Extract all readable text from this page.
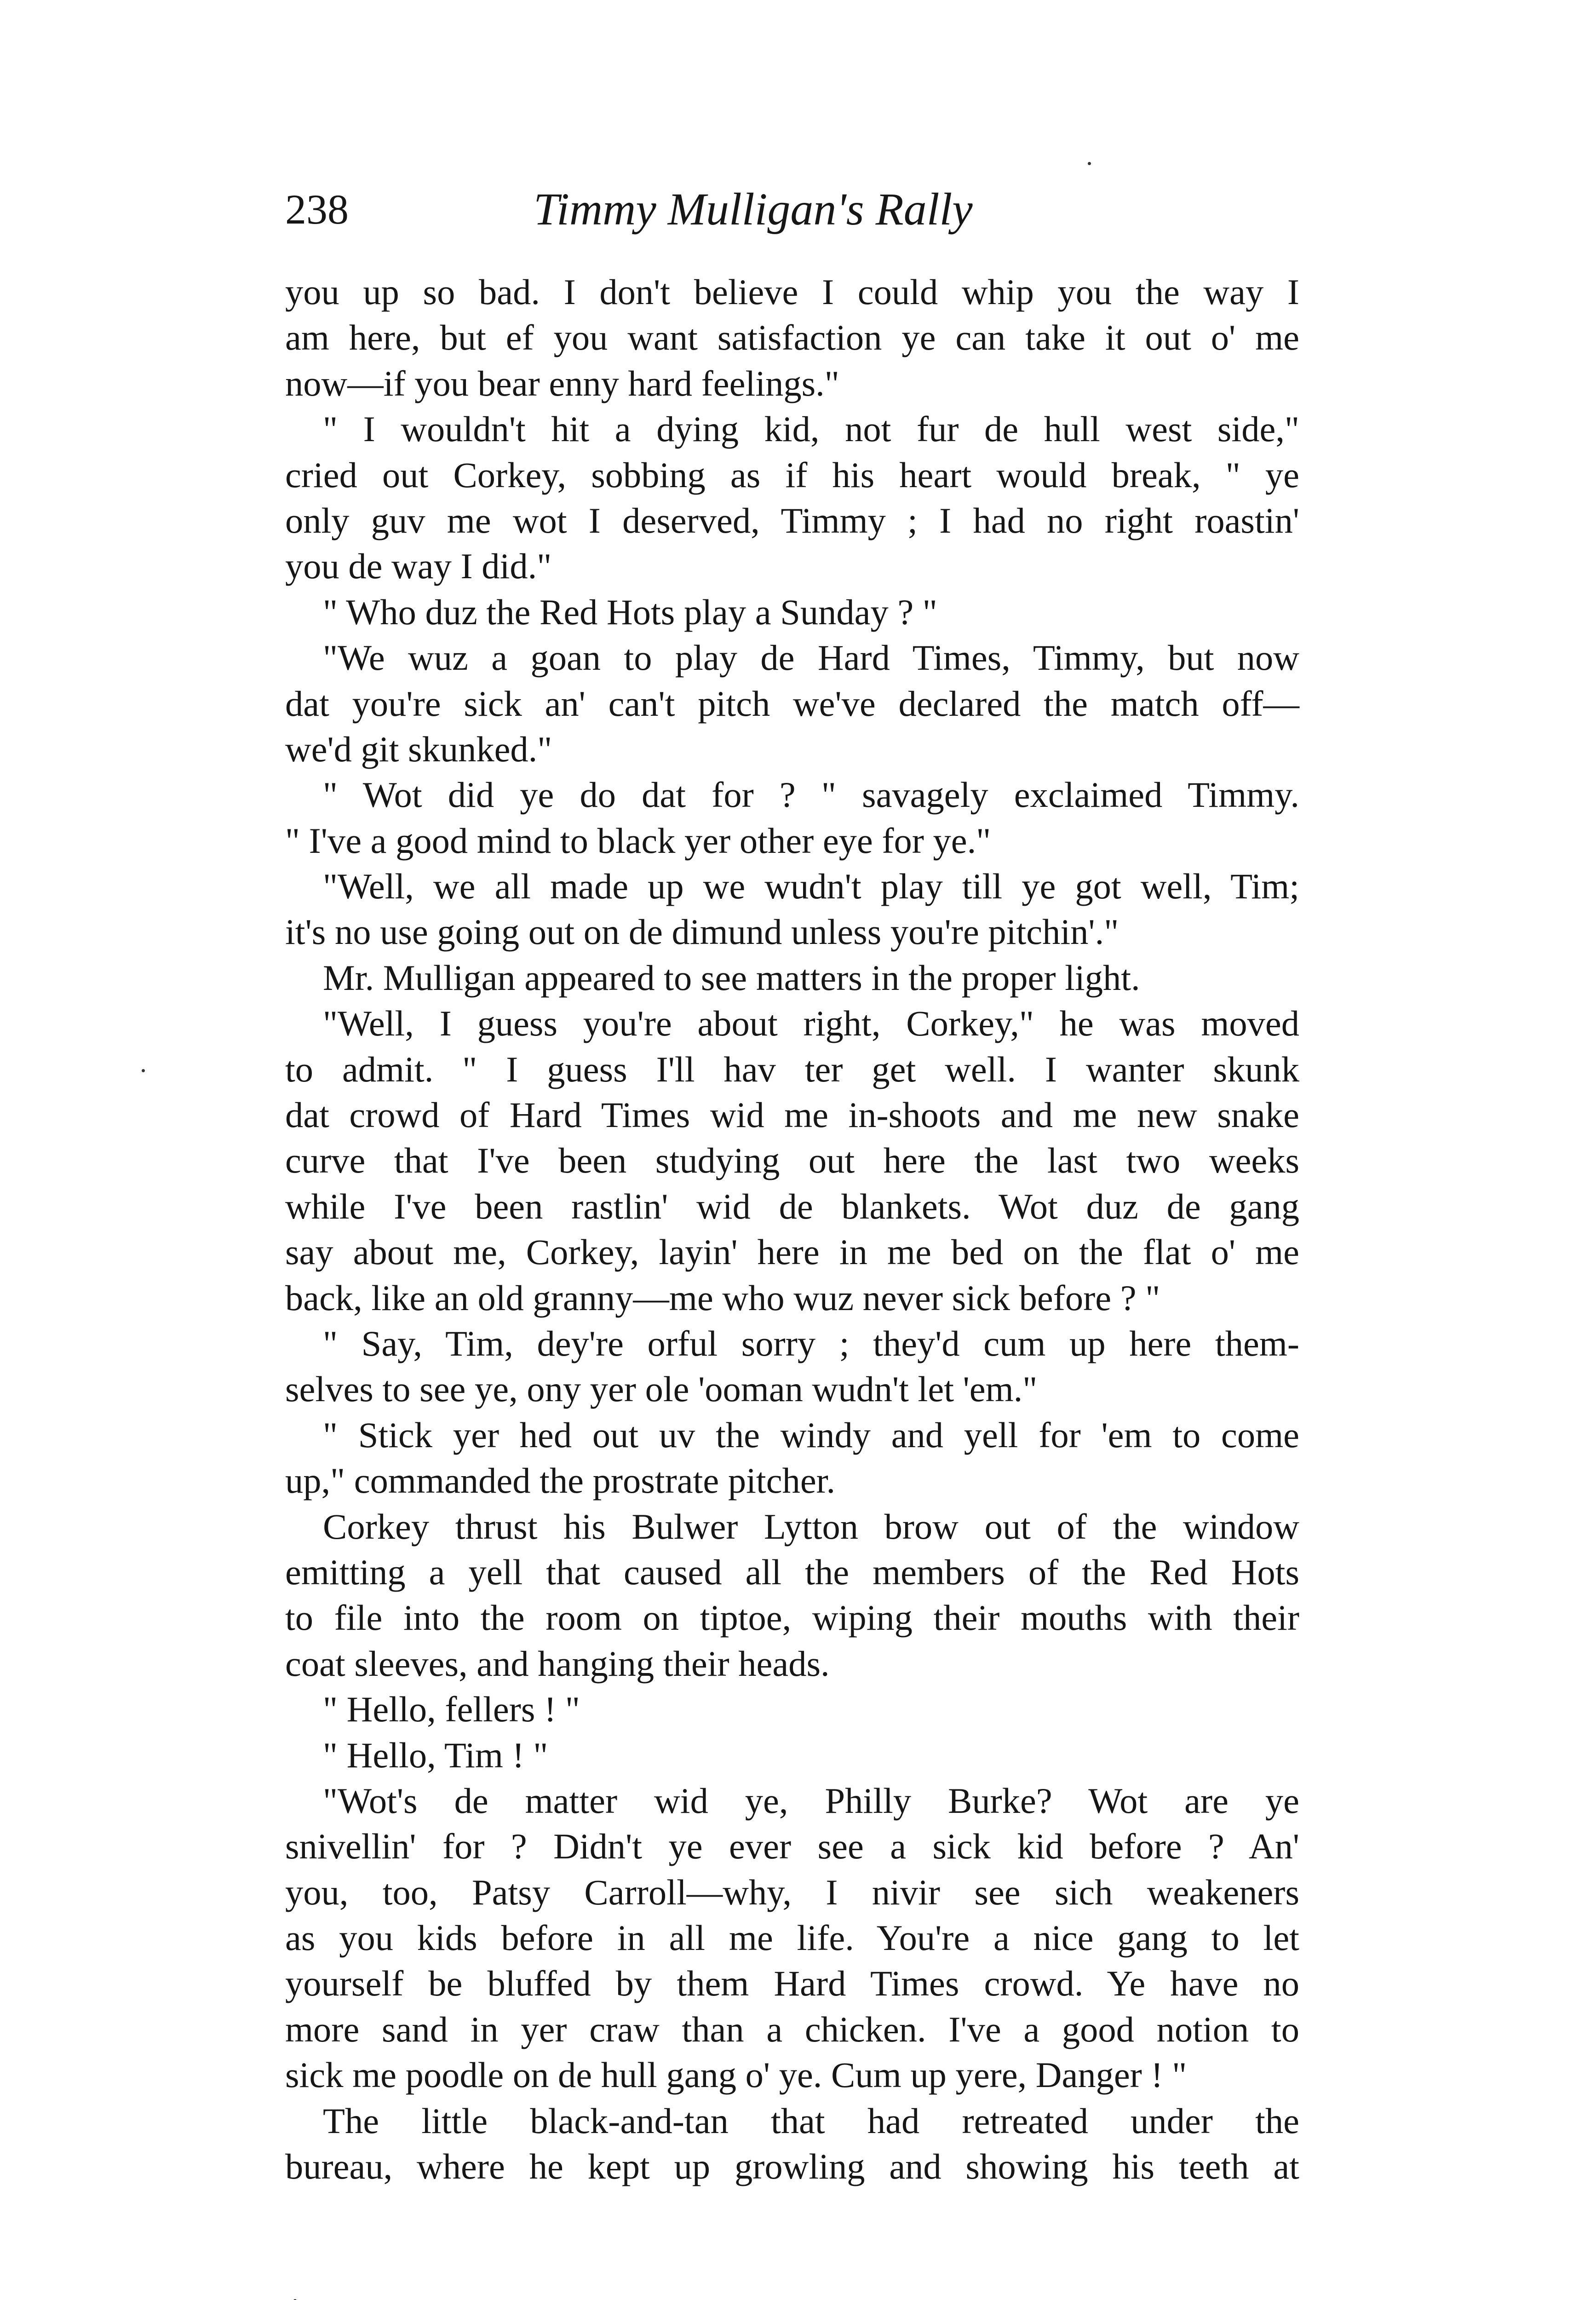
238	Timmy Mulligan's Rally
you up so bad. I don't believe I could whip you the way I
am here, but ef you want satisfaction ye can take it out o' me
now—if you bear enny hard feelings."
" I wouldn't hit a dying kid, not fur de hull west side,"
cried out Corkey, sobbing as if his heart would break, " ye
only guv me wot I deserved, Timmy ; I had no right roastin'
you de way I did."
" Who duz the Red Hots play a Sunday ? "
"We wuz a goan to play de Hard Times, Timmy, but now
dat you're sick an' can't pitch we've declared the match off—
we'd git skunked."
" Wot did ye do dat for ? " savagely exclaimed Timmy.
" I've a good mind to black yer other eye for ye."
"Well, we all made up we wudn't play till ye got well, Tim;
it's no use going out on de dimund unless you're pitchin'."
Mr. Mulligan appeared to see matters in the proper light.
"Well, I guess you're about right, Corkey," he was moved
to admit. " I guess I'll hav ter get well. I wanter skunk
dat crowd of Hard Times wid me in-shoots and me new snake
curve that I've been studying out here the last two weeks
while I've been rastlin' wid de blankets. Wot duz de gang
say about me, Corkey, layin' here in me bed on the flat o' me
back, like an old granny—me who wuz never sick before ? "
" Say, Tim, dey're orful sorry ; they'd cum up here them-
selves to see ye, ony yer ole 'ooman wudn't let 'em."
" Stick yer hed out uv the windy and yell for 'em to come
up," commanded the prostrate pitcher.
Corkey thrust his Bulwer Lytton brow out of the window
emitting a yell that caused all the members of the Red Hots
to file into the room on tiptoe, wiping their mouths with their
coat sleeves, and hanging their heads.
" Hello, fellers ! "
" Hello, Tim ! "
"Wot's de matter wid ye, Philly Burke? Wot are ye
snivellin' for ? Didn't ye ever see a sick kid before ? An'
you, too, Patsy Carroll—why, I nivir see sich weakeners
as you kids before in all me life. You're a nice gang to let
yourself be bluffed by them Hard Times crowd. Ye have no
more sand in yer craw than a chicken. I've a good notion to
sick me poodle on de hull gang o' ye. Cum up yere, Danger ! "
The little black-and-tan that had retreated under the
bureau, where he kept up growling and showing his teeth at
